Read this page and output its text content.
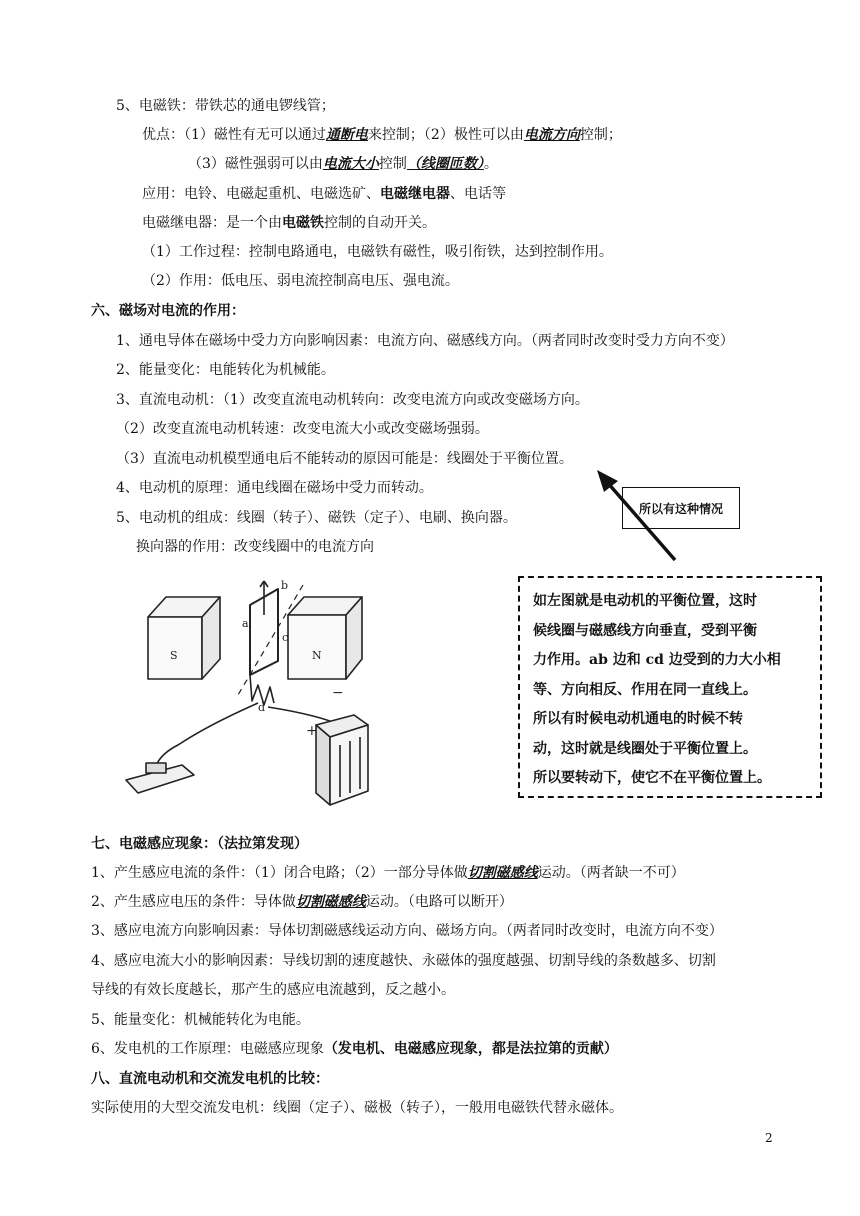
5、电磁铁：带铁芯的通电锣线管；
优点：（1）磁性有无可以通过通断电来控制；（2）极性可以由电流方向控制；
（3）磁性强弱可以由电流大小控制（线圈匝数）。
应用：电铃、电磁起重机、电磁选矿、电磁继电器、电话等
电磁继电器：是一个由电磁铁控制的自动开关。
（1）工作过程：控制电路通电，电磁铁有磁性，吸引衔铁，达到控制作用。
（2）作用：低电压、弱电流控制高电压、强电流。
六、磁场对电流的作用：
1、通电导体在磁场中受力方向影响因素：电流方向、磁感线方向。（两者同时改变时受力方向不变）
2、能量变化：电能转化为机械能。
3、直流电动机：（1）改变直流电动机转向：改变电流方向或改变磁场方向。
（2）改变直流电动机转速：改变电流大小或改变磁场强弱。
（3）直流电动机模型通电后不能转动的原因可能是：线圈处于平衡位置。
4、电动机的原理：通电线圈在磁场中受力而转动。
5、电动机的组成：线圈（转子）、磁铁（定子）、电刷、换向器。
换向器的作用：改变线圈中的电流方向
所以有这种情况
S	N
a
b
c
d
+
−
如左图就是电动机的平衡位置，这时
候线圈与磁感线方向垂直，受到平衡
力作用。ab 边和 cd 边受到的力大小相
等、方向相反、作用在同一直线上。
所以有时候电动机通电的时候不转
动，这时就是线圈处于平衡位置上。
所以要转动下，使它不在平衡位置上。
七、电磁感应现象：（法拉第发现）
1、产生感应电流的条件：（1）闭合电路；（2）一部分导体做切割磁感线运动。（两者缺一不可）
2、产生感应电压的条件：导体做切割磁感线运动。（电路可以断开）
3、感应电流方向影响因素：导体切割磁感线运动方向、磁场方向。（两者同时改变时，电流方向不变）
4、感应电流大小的影响因素：导线切割的速度越快、永磁体的强度越强、切割导线的条数越多、切割
导线的有效长度越长，那产生的感应电流越到，反之越小。
5、能量变化：机械能转化为电能。
6、发电机的工作原理：电磁感应现象（发电机、电磁感应现象，都是法拉第的贡献）
八、直流电动机和交流发电机的比较：
实际使用的大型交流发电机：线圈（定子）、磁极（转子），一般用电磁铁代替永磁体。
2
